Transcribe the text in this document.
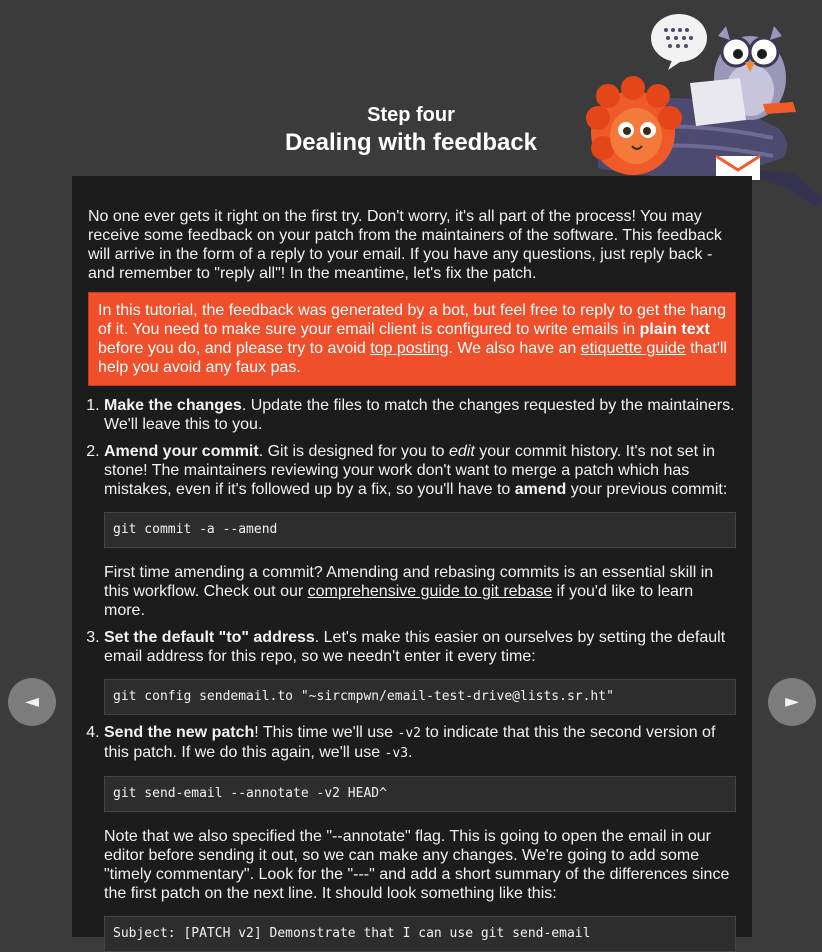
Step four
Dealing with feedback

No one ever gets it right on the first try. Don't worry, it's all part of the process! You may receive some feedback on your patch from the maintainers of the software. This feedback will arrive in the form of a reply to your email. If you have any questions, just reply back - and remember to "reply all"! In the meantime, let's fix the patch.

In this tutorial, the feedback was generated by a bot, but feel free to reply to get the hang of it. You need to make sure your email client is configured to write emails in plain text before you do, and please try to avoid top posting. We also have an etiquette guide that'll help you avoid any faux pas.

1. Make the changes. Update the files to match the changes requested by the maintainers. We'll leave this to you.

2. Amend your commit. Git is designed for you to edit your commit history. It's not set in stone! The maintainers reviewing your work don't want to merge a patch which has mistakes, even if it's followed up by a fix, so you'll have to amend your previous commit:

git commit -a --amend

First time amending a commit? Amending and rebasing commits is an essential skill in this workflow. Check out our comprehensive guide to git rebase if you'd like to learn more.

3. Set the default "to" address. Let's make this easier on ourselves by setting the default email address for this repo, so we needn't enter it every time:

git config sendemail.to "~sircmpwn/email-test-drive@lists.sr.ht"

4. Send the new patch! This time we'll use -v2 to indicate that this the second version of this patch. If we do this again, we'll use -v3.

git send-email --annotate -v2 HEAD^

Note that we also specified the "--annotate" flag. This is going to open the email in our editor before sending it out, so we can make any changes. We're going to add some "timely commentary". Look for the "---" and add a short summary of the differences since the first patch on the next line. It should look something like this:

Subject: [PATCH v2] Demonstrate that I can use git send-email
◄	►
